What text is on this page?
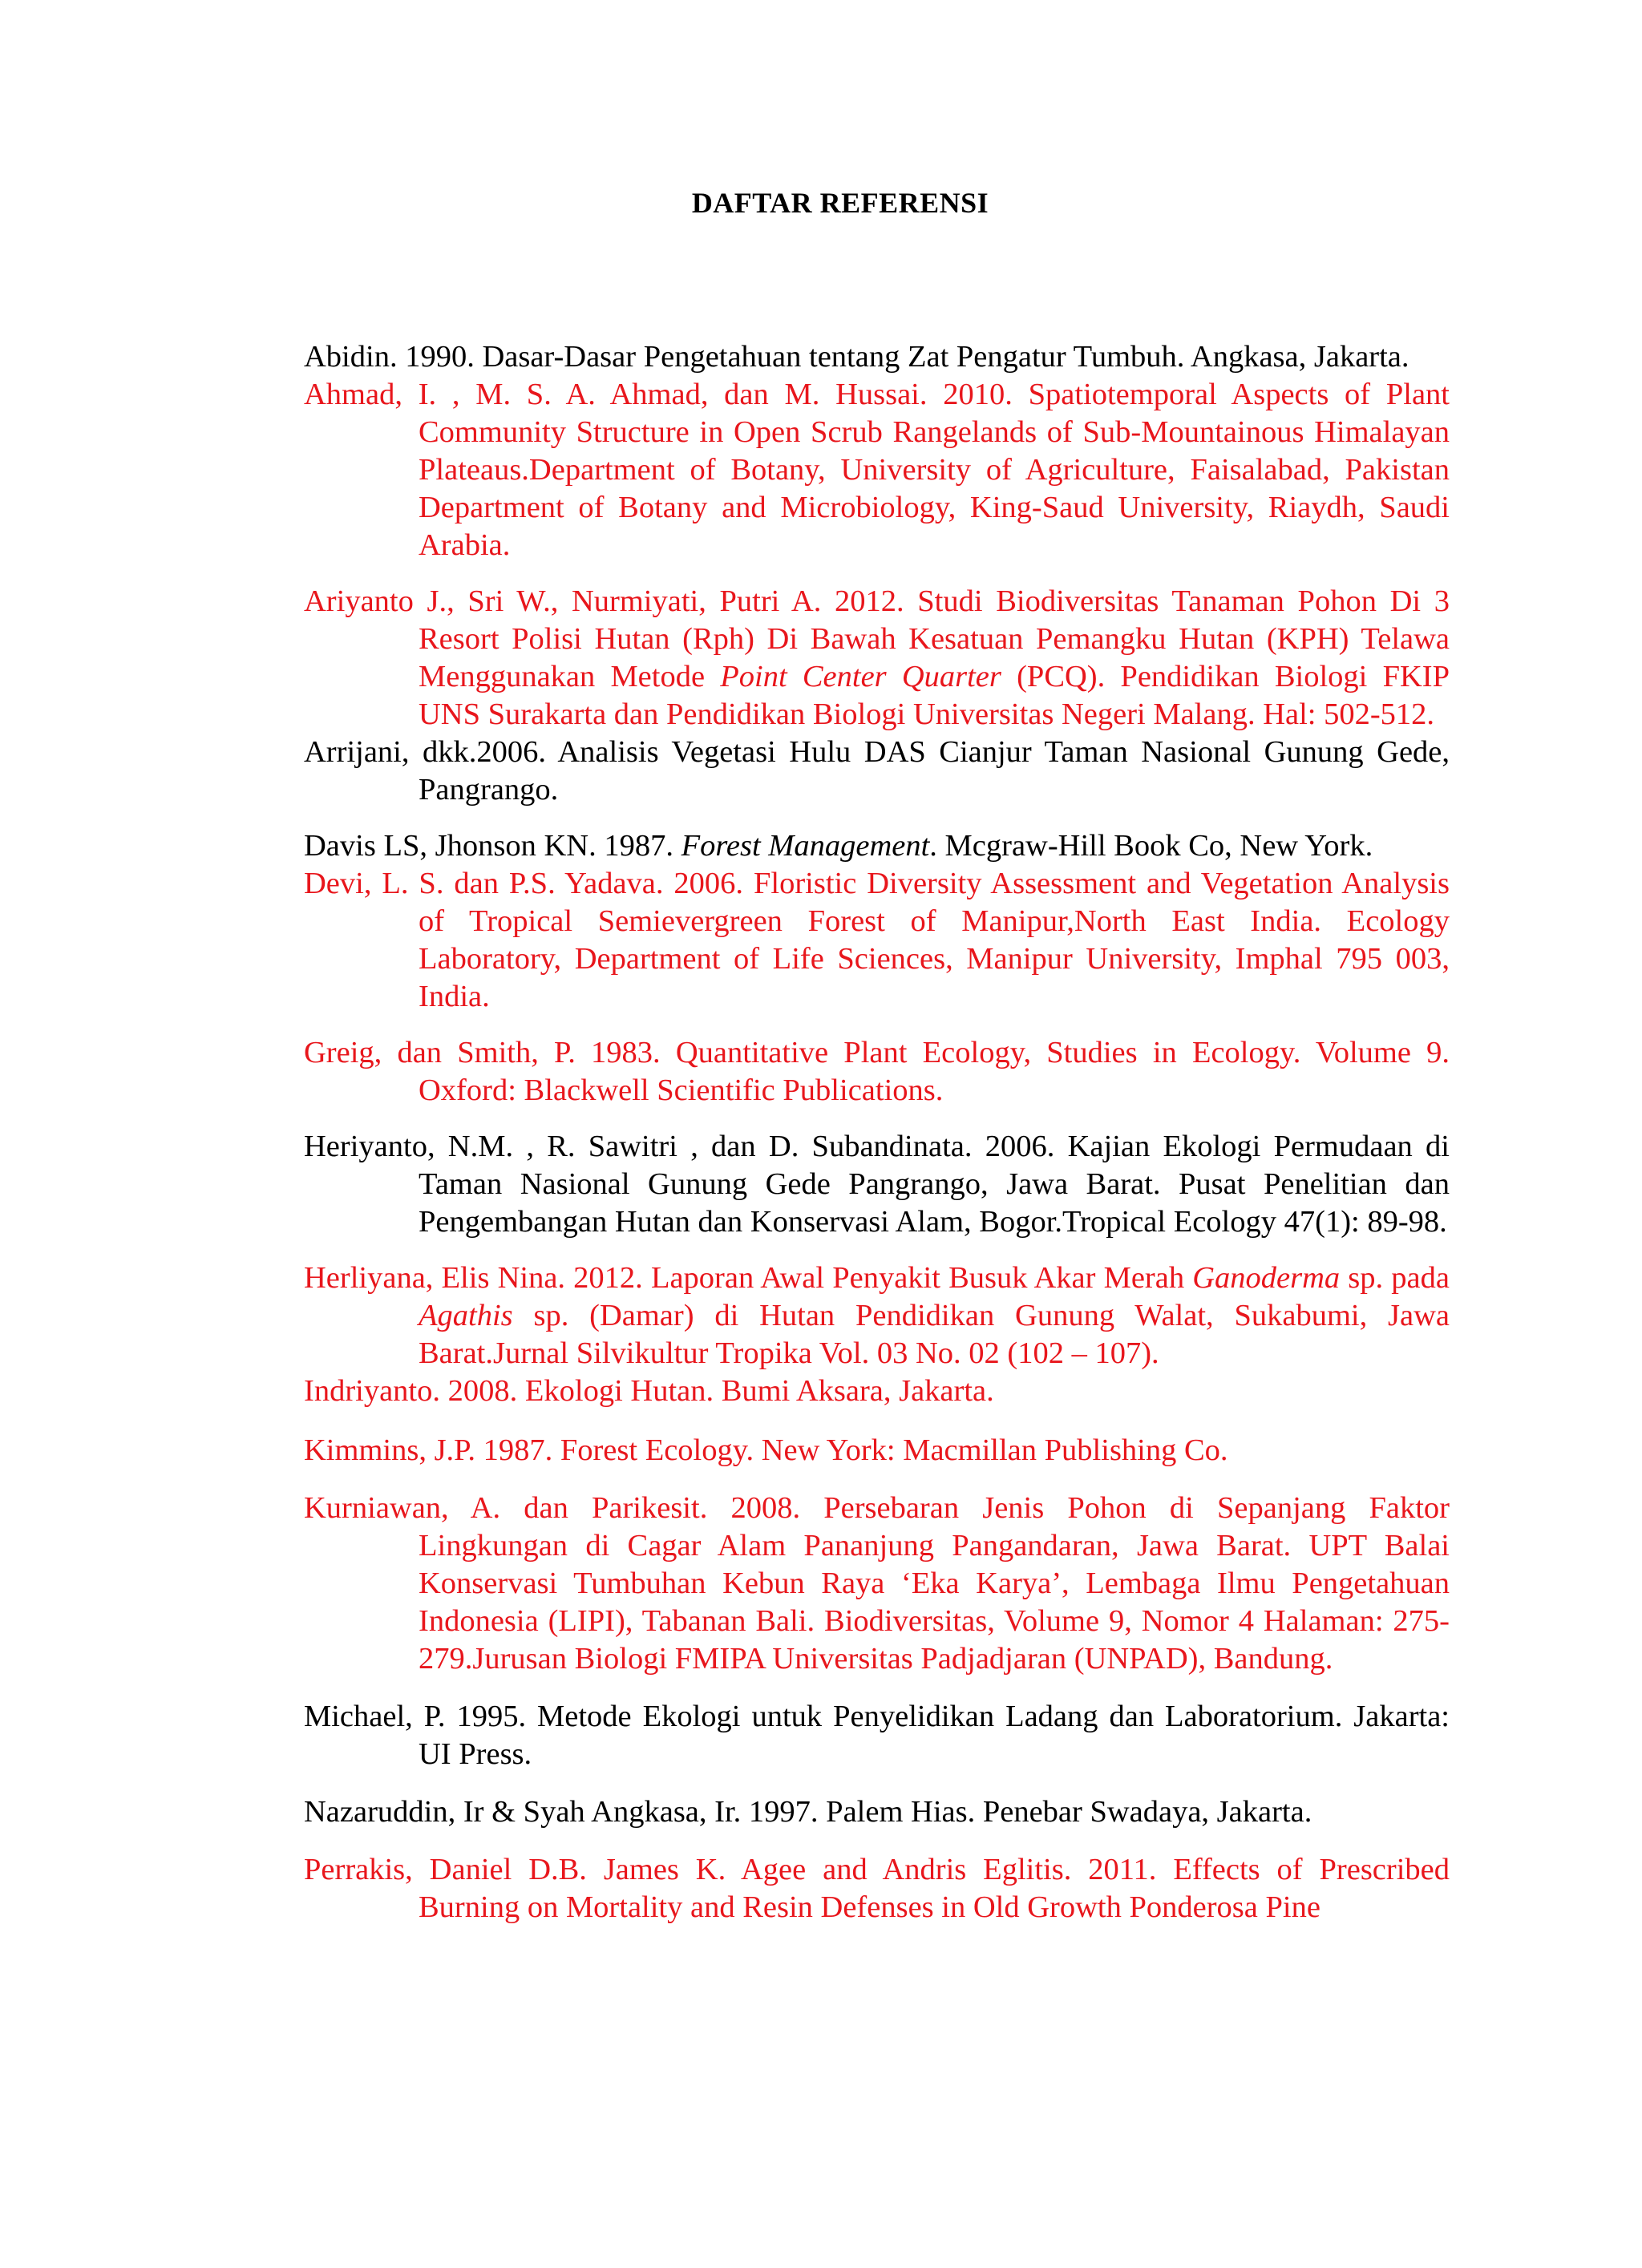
DAFTAR REFERENSI

Abidin. 1990. Dasar-Dasar Pengetahuan tentang Zat Pengatur Tumbuh. Angkasa, Jakarta.

Ahmad, I. , M. S. A. Ahmad, dan M. Hussai. 2010. Spatiotemporal Aspects of Plant Community Structure in Open Scrub Rangelands of Sub-Mountainous Himalayan Plateaus.Department of Botany, University of Agriculture, Faisalabad, Pakistan Department of Botany and Microbiology, King-Saud University, Riaydh, Saudi Arabia.

Ariyanto J., Sri W., Nurmiyati, Putri A. 2012. Studi Biodiversitas Tanaman Pohon Di 3 Resort Polisi Hutan (Rph) Di Bawah Kesatuan Pemangku Hutan (KPH) Telawa Menggunakan Metode Point Center Quarter (PCQ). Pendidikan Biologi FKIP UNS Surakarta dan Pendidikan Biologi Universitas Negeri Malang. Hal: 502-512.

Arrijani, dkk.2006. Analisis Vegetasi Hulu DAS Cianjur Taman Nasional Gunung Gede, Pangrango.

Davis LS, Jhonson KN. 1987. Forest Management. Mcgraw-Hill Book Co, New York.

Devi, L. S. dan P.S. Yadava. 2006. Floristic Diversity Assessment and Vegetation Analysis of Tropical Semievergreen Forest of Manipur,North East India. Ecology Laboratory, Department of Life Sciences, Manipur University, Imphal 795 003, India.

Greig, dan Smith, P. 1983. Quantitative Plant Ecology, Studies in Ecology. Volume 9. Oxford: Blackwell Scientific Publications.

Heriyanto, N.M. , R. Sawitri , dan D. Subandinata. 2006. Kajian Ekologi Permudaan di Taman Nasional Gunung Gede Pangrango, Jawa Barat. Pusat Penelitian dan Pengembangan Hutan dan Konservasi Alam, Bogor.Tropical Ecology 47(1): 89-98.

Herliyana, Elis Nina. 2012. Laporan Awal Penyakit Busuk Akar Merah Ganoderma sp. pada Agathis sp. (Damar) di Hutan Pendidikan Gunung Walat, Sukabumi, Jawa Barat.Jurnal Silvikultur Tropika Vol. 03 No. 02 (102 – 107).

Indriyanto. 2008. Ekologi Hutan. Bumi Aksara, Jakarta.

Kimmins, J.P. 1987. Forest Ecology. New York: Macmillan Publishing Co.

Kurniawan, A. dan Parikesit. 2008. Persebaran Jenis Pohon di Sepanjang Faktor Lingkungan di Cagar Alam Pananjung Pangandaran, Jawa Barat. UPT Balai Konservasi Tumbuhan Kebun Raya ‘Eka Karya’, Lembaga Ilmu Pengetahuan Indonesia (LIPI), Tabanan Bali. Biodiversitas, Volume 9, Nomor 4 Halaman: 275-279.Jurusan Biologi FMIPA Universitas Padjadjaran (UNPAD), Bandung.

Michael, P. 1995. Metode Ekologi untuk Penyelidikan Ladang dan Laboratorium. Jakarta: UI Press.

Nazaruddin, Ir & Syah Angkasa, Ir. 1997. Palem Hias. Penebar Swadaya, Jakarta.

Perrakis, Daniel D.B. James K. Agee and Andris Eglitis. 2011. Effects of Prescribed Burning on Mortality and Resin Defenses in Old Growth Ponderosa Pine
